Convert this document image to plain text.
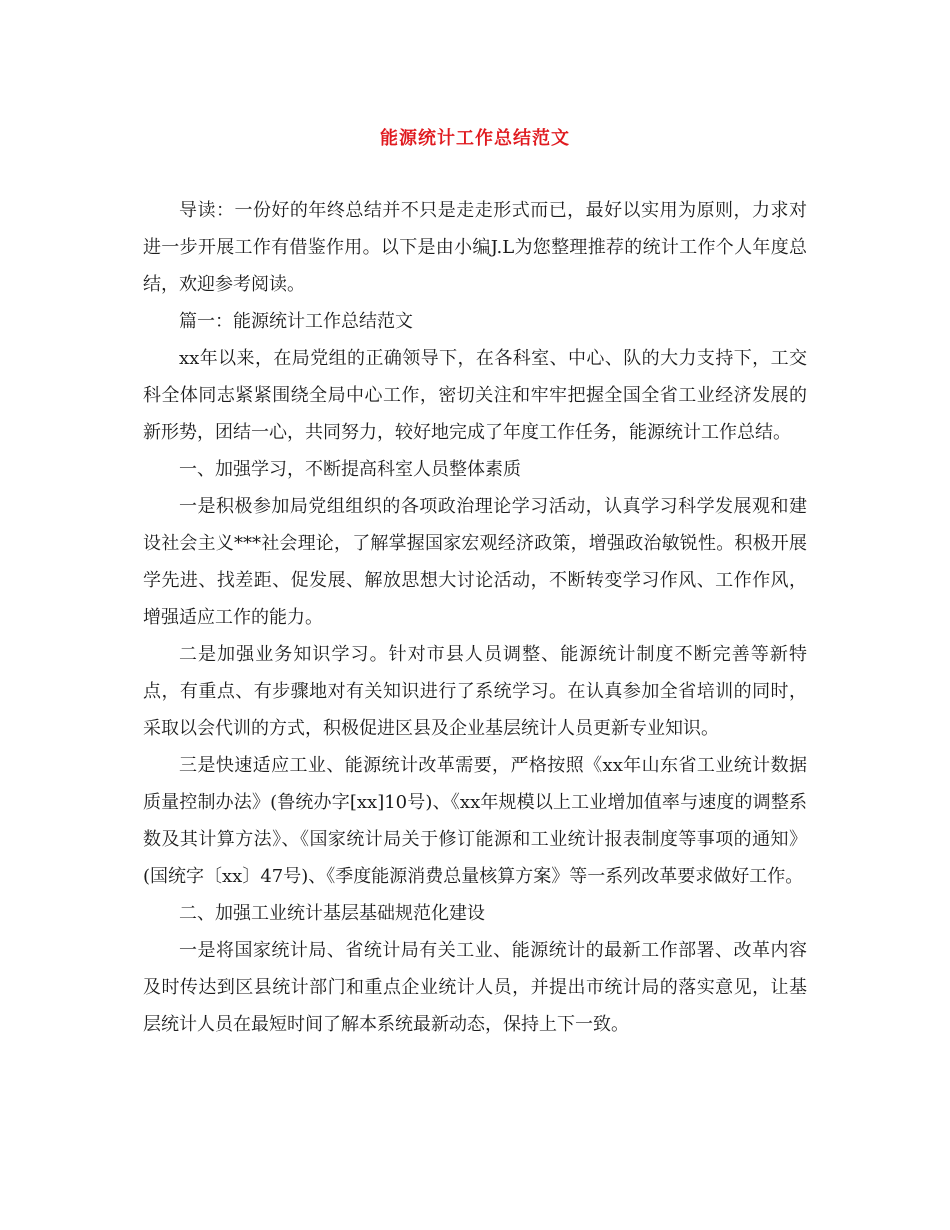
能源统计工作总结范文

导读：一份好的年终总结并不只是走走形式而已，最好以实用为原则，力求对进一步开展工作有借鉴作用。以下是由小编J.L为您整理推荐的统计工作个人年度总结，欢迎参考阅读。

篇一：能源统计工作总结范文

xx年以来，在局党组的正确领导下，在各科室、中心、队的大力支持下，工交科全体同志紧紧围绕全局中心工作，密切关注和牢牢把握全国全省工业经济发展的新形势，团结一心，共同努力，较好地完成了年度工作任务，能源统计工作总结。

一、加强学习，不断提高科室人员整体素质

一是积极参加局党组组织的各项政治理论学习活动，认真学习科学发展观和建设社会主义***社会理论，了解掌握国家宏观经济政策，增强政治敏锐性。积极开展学先进、找差距、促发展、解放思想大讨论活动，不断转变学习作风、工作作风，增强适应工作的能力。

二是加强业务知识学习。针对市县人员调整、能源统计制度不断完善等新特点，有重点、有步骤地对有关知识进行了系统学习。在认真参加全省培训的同时，采取以会代训的方式，积极促进区县及企业基层统计人员更新专业知识。

三是快速适应工业、能源统计改革需要，严格按照《xx年山东省工业统计数据质量控制办法》(鲁统办字[xx]10号)、《xx年规模以上工业增加值率与速度的调整系数及其计算方法》、《国家统计局关于修订能源和工业统计报表制度等事项的通知》(国统字〔xx〕47号)、《季度能源消费总量核算方案》等一系列改革要求做好工作。

二、加强工业统计基层基础规范化建设

一是将国家统计局、省统计局有关工业、能源统计的最新工作部署、改革内容及时传达到区县统计部门和重点企业统计人员，并提出市统计局的落实意见，让基层统计人员在最短时间了解本系统最新动态，保持上下一致。
